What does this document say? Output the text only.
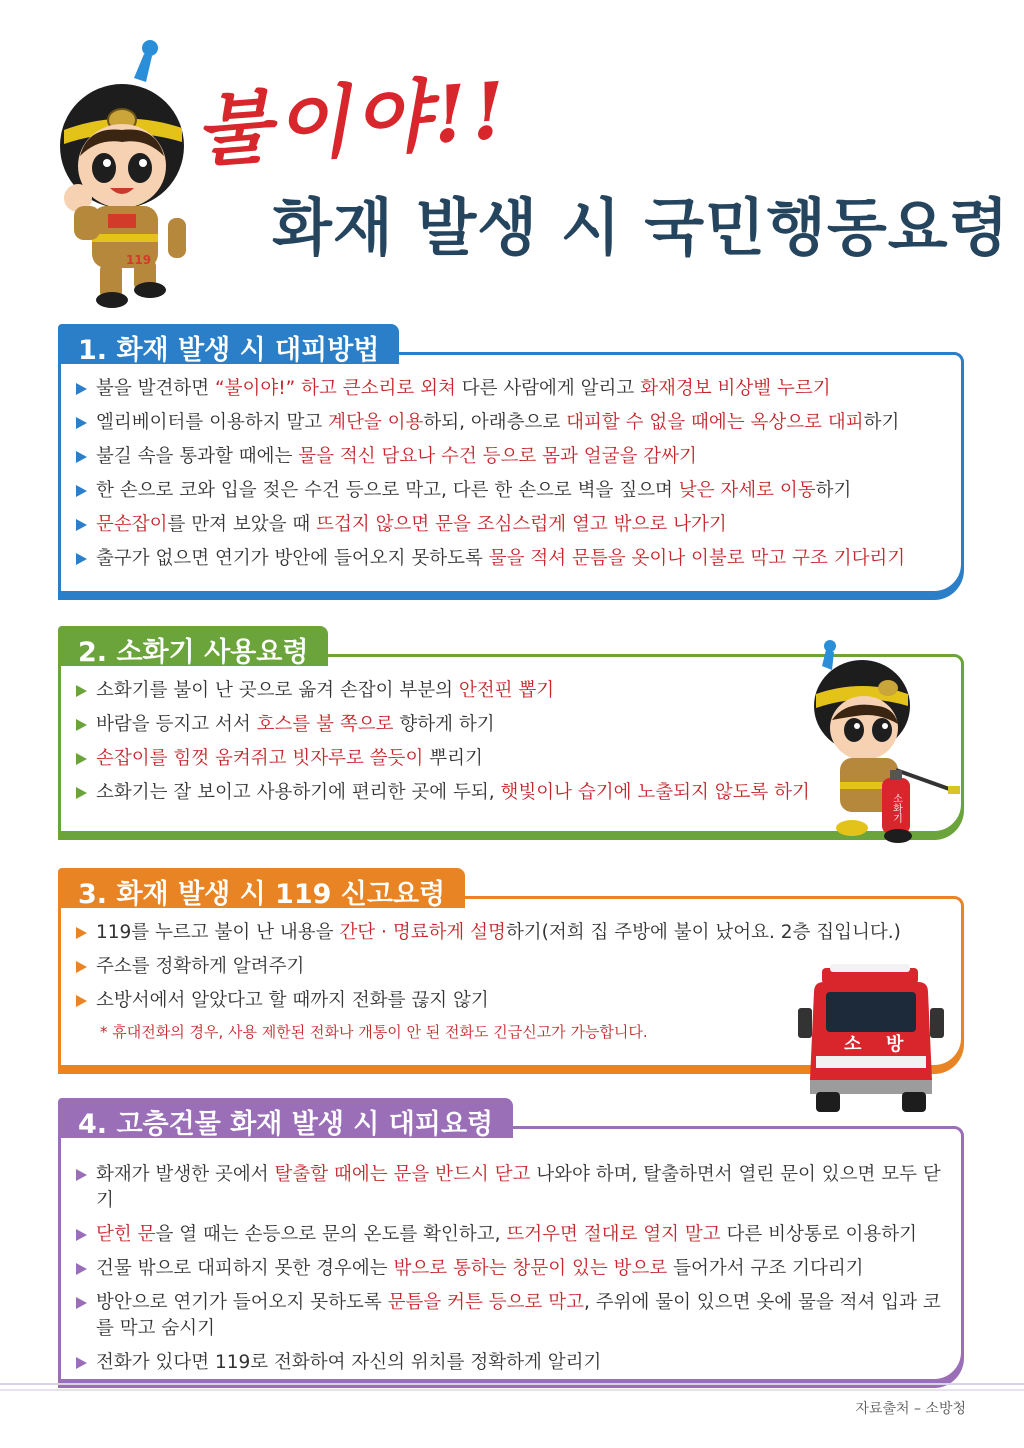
119
불이야!!
화재 발생 시 국민행동요령
1. 화재 발생 시 대피방법
불을 발견하면 “불이야!” 하고 큰소리로 외쳐 다른 사람에게 알리고 화재경보 비상벨 누르기
엘리베이터를 이용하지 말고 계단을 이용하되, 아래층으로 대피할 수 없을 때에는 옥상으로 대피하기
불길 속을 통과할 때에는 물을 적신 담요나 수건 등으로 몸과 얼굴을 감싸기
한 손으로 코와 입을 젖은 수건 등으로 막고, 다른 한 손으로 벽을 짚으며 낮은 자세로 이동하기
문손잡이를 만져 보았을 때 뜨겁지 않으면 문을 조심스럽게 열고 밖으로 나가기
출구가 없으면 연기가 방안에 들어오지 못하도록 물을 적셔 문틈을 옷이나 이불로 막고 구조 기다리기
2. 소화기 사용요령
소화기를 불이 난 곳으로 옮겨 손잡이 부분의 안전핀 뽑기
바람을 등지고 서서 호스를 불 쪽으로 향하게 하기
손잡이를 힘껏 움켜쥐고 빗자루로 쓸듯이 뿌리기
소화기는 잘 보이고 사용하기에 편리한 곳에 두되, 햇빛이나 습기에 노출되지 않도록 하기
소화기
3. 화재 발생 시 119 신고요령
119를 누르고 불이 난 내용을 간단 · 명료하게 설명하기(저희 집 주방에 불이 났어요. 2층 집입니다.)
주소를 정확하게 알려주기
소방서에서 알았다고 할 때까지 전화를 끊지 않기
* 휴대전화의 경우, 사용 제한된 전화나 개통이 안 된 전화도 긴급신고가 가능합니다.
소 방
4. 고층건물 화재 발생 시 대피요령
화재가 발생한 곳에서 탈출할 때에는 문을 반드시 닫고 나와야 하며, 탈출하면서 열린 문이 있으면 모두 닫기
닫힌 문을 열 때는 손등으로 문의 온도를 확인하고, 뜨거우면 절대로 열지 말고 다른 비상통로 이용하기
건물 밖으로 대피하지 못한 경우에는 밖으로 통하는 창문이 있는 방으로 들어가서 구조 기다리기
방안으로 연기가 들어오지 못하도록 문틈을 커튼 등으로 막고, 주위에 물이 있으면 옷에 물을 적셔 입과 코를 막고 숨시기
전화가 있다면 119로 전화하여 자신의 위치를 정확하게 알리기
자료출처 – 소방청
